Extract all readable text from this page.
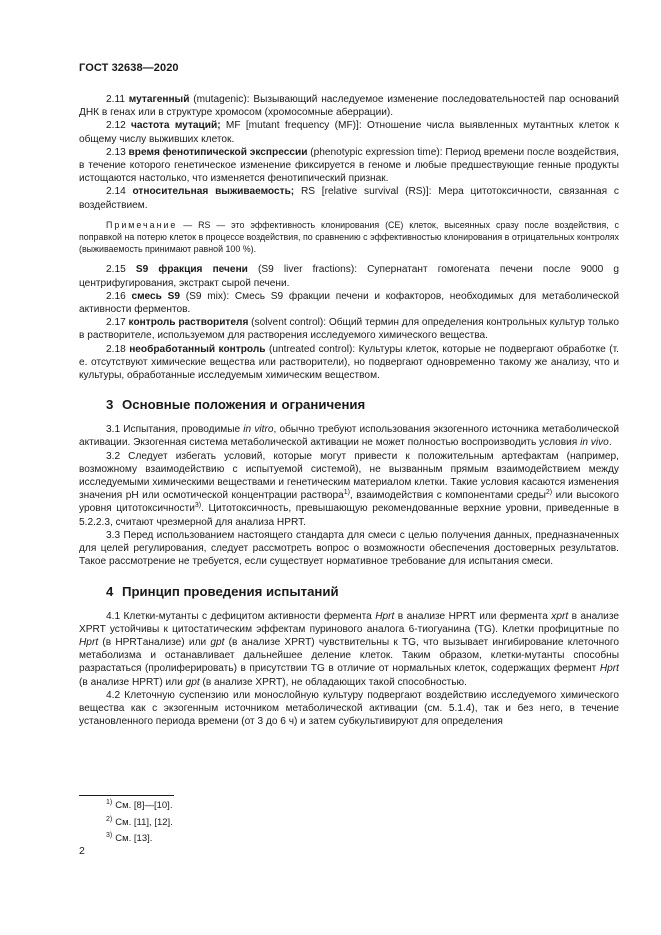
ГОСТ 32638—2020

2.11 мутагенный (mutagenic): Вызывающий наследуемое изменение последовательностей пар оснований ДНК в генах или в структуре хромосом (хромосомные аберрации).

2.12 частота мутаций; MF [mutant frequency (MF)]: Отношение числа выявленных мутантных клеток к общему числу выживших клеток.

2.13 время фенотипической экспрессии (phenotypic expression time): Период времени после воздействия, в течение которого генетическое изменение фиксируется в геноме и любые предшествующие генные продукты истощаются настолько, что изменяется фенотипический признак.

2.14 относительная выживаемость; RS [relative survival (RS)]: Мера цитотоксичности, связанная с воздействием.

Примечание — RS — это эффективность клонирования (CE) клеток, высеянных сразу после воздействия, с поправкой на потерю клеток в процессе воздействия, по сравнению с эффективностью клонирования в отрицательных контролях (выживаемость принимают равной 100 %).

2.15 S9 фракция печени (S9 liver fractions): Супернатант гомогената печени после 9000 g центрифугирования, экстракт сырой печени.

2.16 смесь S9 (S9 mix): Смесь S9 фракции печени и кофакторов, необходимых для метаболической активности ферментов.

2.17 контроль растворителя (solvent control): Общий термин для определения контрольных культур только в растворителе, используемом для растворения исследуемого химического вещества.

2.18 необработанный контроль (untreated control): Культуры клеток, которые не подвергают обработке (т. е. отсутствуют химические вещества или растворители), но подвергают одновременно такому же анализу, что и культуры, обработанные исследуемым химическим веществом.

3 Основные положения и ограничения

3.1 Испытания, проводимые in vitro, обычно требуют использования экзогенного источника метаболической активации. Экзогенная система метаболической активации не может полностью воспроизводить условия in vivo.

3.2 Следует избегать условий, которые могут привести к положительным артефактам (например, возможному взаимодействию с испытуемой системой), не вызванным прямым взаимодействием между исследуемыми химическими веществами и генетическим материалом клетки. Такие условия касаются изменения значения pH или осмотической концентрации раствора$^{1)}$, взаимодействия с компонентами среды$^{2)}$ или высокого уровня цитотоксичности$^{3)}$. Цитотоксичность, превышающую рекомендованные верхние уровни, приведенные в 5.2.2.3, считают чрезмерной для анализа HPRT.

3.3 Перед использованием настоящего стандарта для смеси с целью получения данных, предназначенных для целей регулирования, следует рассмотреть вопрос о возможности обеспечения достоверных результатов. Такое рассмотрение не требуется, если существует нормативное требование для испытания смеси.

4 Принцип проведения испытаний

4.1 Клетки-мутанты с дефицитом активности фермента Hprt в анализе HPRT или фермента xprt в анализе XPRT устойчивы к цитостатическим эффектам пуринового аналога 6-тиогуанина (TG). Клетки профицитные по Hprt (в HPRTанализе) или gpt (в анализе XPRT) чувствительны к TG, что вызывает ингибирование клеточного метаболизма и останавливает дальнейшее деление клеток. Таким образом, клетки-мутанты способны разрастаться (пролиферировать) в присутствии TG в отличие от нормальных клеток, содержащих фермент Hprt (в анализе HPRT) или gpt (в анализе XPRT), не обладающих такой способностью.

4.2 Клеточную суспензию или монослойную культуру подвергают воздействию исследуемого химического вещества как с экзогенным источником метаболической активации (см. 5.1.4), так и без него, в течение установленного периода времени (от 3 до 6 ч) и затем субкультивируют для определения

$^{1)}$ См. [8]—[10].
$^{2)}$ См. [11], [12].
$^{3)}$ См. [13].
2
